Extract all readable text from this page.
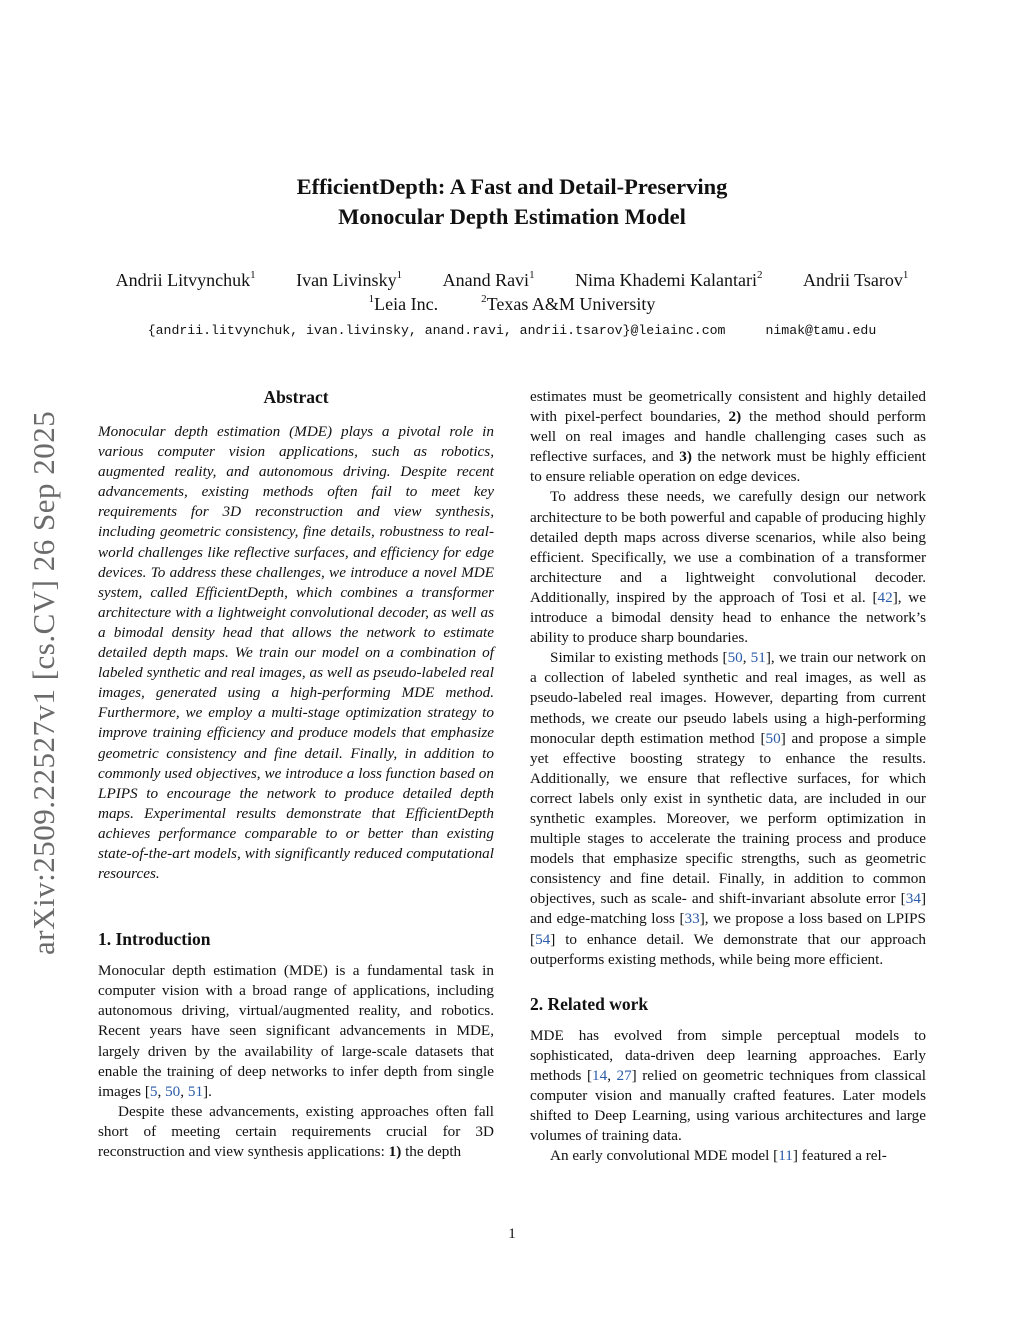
arXiv:2509.22527v1 [cs.CV] 26 Sep 2025
EfficientDepth: A Fast and Detail-Preserving
Monocular Depth Estimation Model
Andrii Litvynchuk$^1$ Ivan Livinsky$^1$ Anand Ravi$^1$ Nima Khademi Kalantari$^2$ Andrii Tsarov$^1$
$^1$Leia Inc.	$^2$Texas A&M University
{andrii.litvynchuk, ivan.livinsky, anand.ravi, andrii.tsarov}@leiainc.com	nimak@tamu.edu
Abstract

Monocular depth estimation (MDE) plays a pivotal role in various computer vision applications, such as robotics, augmented reality, and autonomous driving. Despite recent advancements, existing methods often fail to meet key requirements for 3D reconstruction and view synthesis, including geometric consistency, fine details, robustness to real-world challenges like reflective surfaces, and efficiency for edge devices. To address these challenges, we introduce a novel MDE system, called EfficientDepth, which combines a transformer architecture with a lightweight convolutional decoder, as well as a bimodal density head that allows the network to estimate detailed depth maps. We train our model on a combination of labeled synthetic and real images, as well as pseudo-labeled real images, generated using a high-performing MDE method. Furthermore, we employ a multi-stage optimization strategy to improve training efficiency and produce models that emphasize geometric consistency and fine detail. Finally, in addition to commonly used objectives, we introduce a loss function based on LPIPS to encourage the network to produce detailed depth maps. Experimental results demonstrate that EfficientDepth achieves performance comparable to or better than existing state-of-the-art models, with significantly reduced computational resources.

1. Introduction

Monocular depth estimation (MDE) is a fundamental task in computer vision with a broad range of applications, including autonomous driving, virtual/augmented reality, and robotics. Recent years have seen significant advancements in MDE, largely driven by the availability of large-scale datasets that enable the training of deep networks to infer depth from single images [5, 50, 51].

Despite these advancements, existing approaches often fall short of meeting certain requirements crucial for 3D reconstruction and view synthesis applications: 1) the depth

estimates must be geometrically consistent and highly detailed with pixel-perfect boundaries, 2) the method should perform well on real images and handle challenging cases such as reflective surfaces, and 3) the network must be highly efficient to ensure reliable operation on edge devices.

To address these needs, we carefully design our network architecture to be both powerful and capable of producing highly detailed depth maps across diverse scenarios, while also being efficient. Specifically, we use a combination of a transformer architecture and a lightweight convolutional decoder. Additionally, inspired by the approach of Tosi et al. [42], we introduce a bimodal density head to enhance the network’s ability to produce sharp boundaries.

Similar to existing methods [50, 51], we train our network on a collection of labeled synthetic and real images, as well as pseudo-labeled real images. However, departing from current methods, we create our pseudo labels using a high-performing monocular depth estimation method [50] and propose a simple yet effective boosting strategy to enhance the results. Additionally, we ensure that reflective surfaces, for which correct labels only exist in synthetic data, are included in our synthetic examples. Moreover, we perform optimization in multiple stages to accelerate the training process and produce models that emphasize specific strengths, such as geometric consistency and fine detail. Finally, in addition to common objectives, such as scale- and shift-invariant absolute error [34] and edge-matching loss [33], we propose a loss based on LPIPS [54] to enhance detail. We demonstrate that our approach outperforms existing methods, while being more efficient.

2. Related work

MDE has evolved from simple perceptual models to sophisticated, data-driven deep learning approaches. Early methods [14, 27] relied on geometric techniques from classical computer vision and manually crafted features. Later models shifted to Deep Learning, using various architectures and large volumes of training data.

An early convolutional MDE model [11] featured a rel-

1
